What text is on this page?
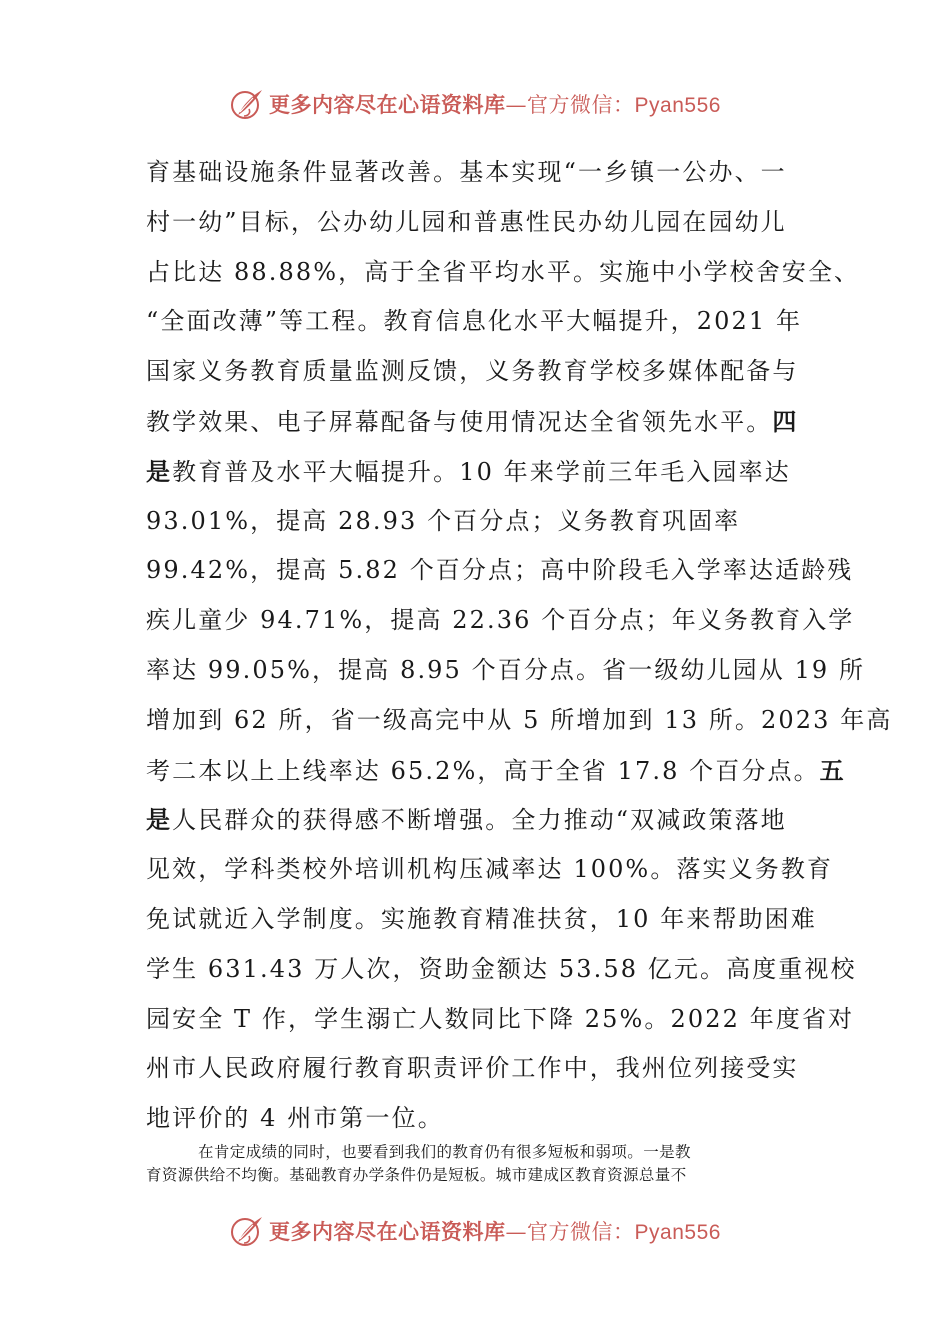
更多内容尽在心语资料库—官方微信：Pyan556
育基础设施条件显著改善。基本实现“一乡镇一公办、一
村一幼”目标，公办幼儿园和普惠性民办幼儿园在园幼儿
占比达 88.88%，高于全省平均水平。实施中小学校舍安全、
“全面改薄”等工程。教育信息化水平大幅提升，2021 年
国家义务教育质量监测反馈，义务教育学校多媒体配备与
教学效果、电子屏幕配备与使用情况达全省领先水平。四
是教育普及水平大幅提升。10 年来学前三年毛入园率达
93.01%，提高 28.93 个百分点；义务教育巩固率
99.42%，提高 5.82 个百分点；高中阶段毛入学率达适龄残
疾儿童少 94.71%，提高 22.36 个百分点；年义务教育入学
率达 99.05%，提高 8.95 个百分点。省一级幼儿园从 19 所
增加到 62 所，省一级高完中从 5 所增加到 13 所。2023 年高
考二本以上上线率达 65.2%，高于全省 17.8 个百分点。五
是人民群众的获得感不断增强。全力推动“双减政策落地
见效，学科类校外培训机构压减率达 100%。落实义务教育
免试就近入学制度。实施教育精准扶贫，10 年来帮助困难
学生 631.43 万人次，资助金额达 53.58 亿元。高度重视校
园安全 T 作，学生溺亡人数同比下降 25%。2022 年度省对
州市人民政府履行教育职责评价工作中，我州位列接受实
地评价的 4 州市第一位。
在肯定成绩的同时，也要看到我们的教育仍有很多短板和弱项。一是教
育资源供给不均衡。基础教育办学条件仍是短板。城市建成区教育资源总量不
更多内容尽在心语资料库—官方微信：Pyan556
